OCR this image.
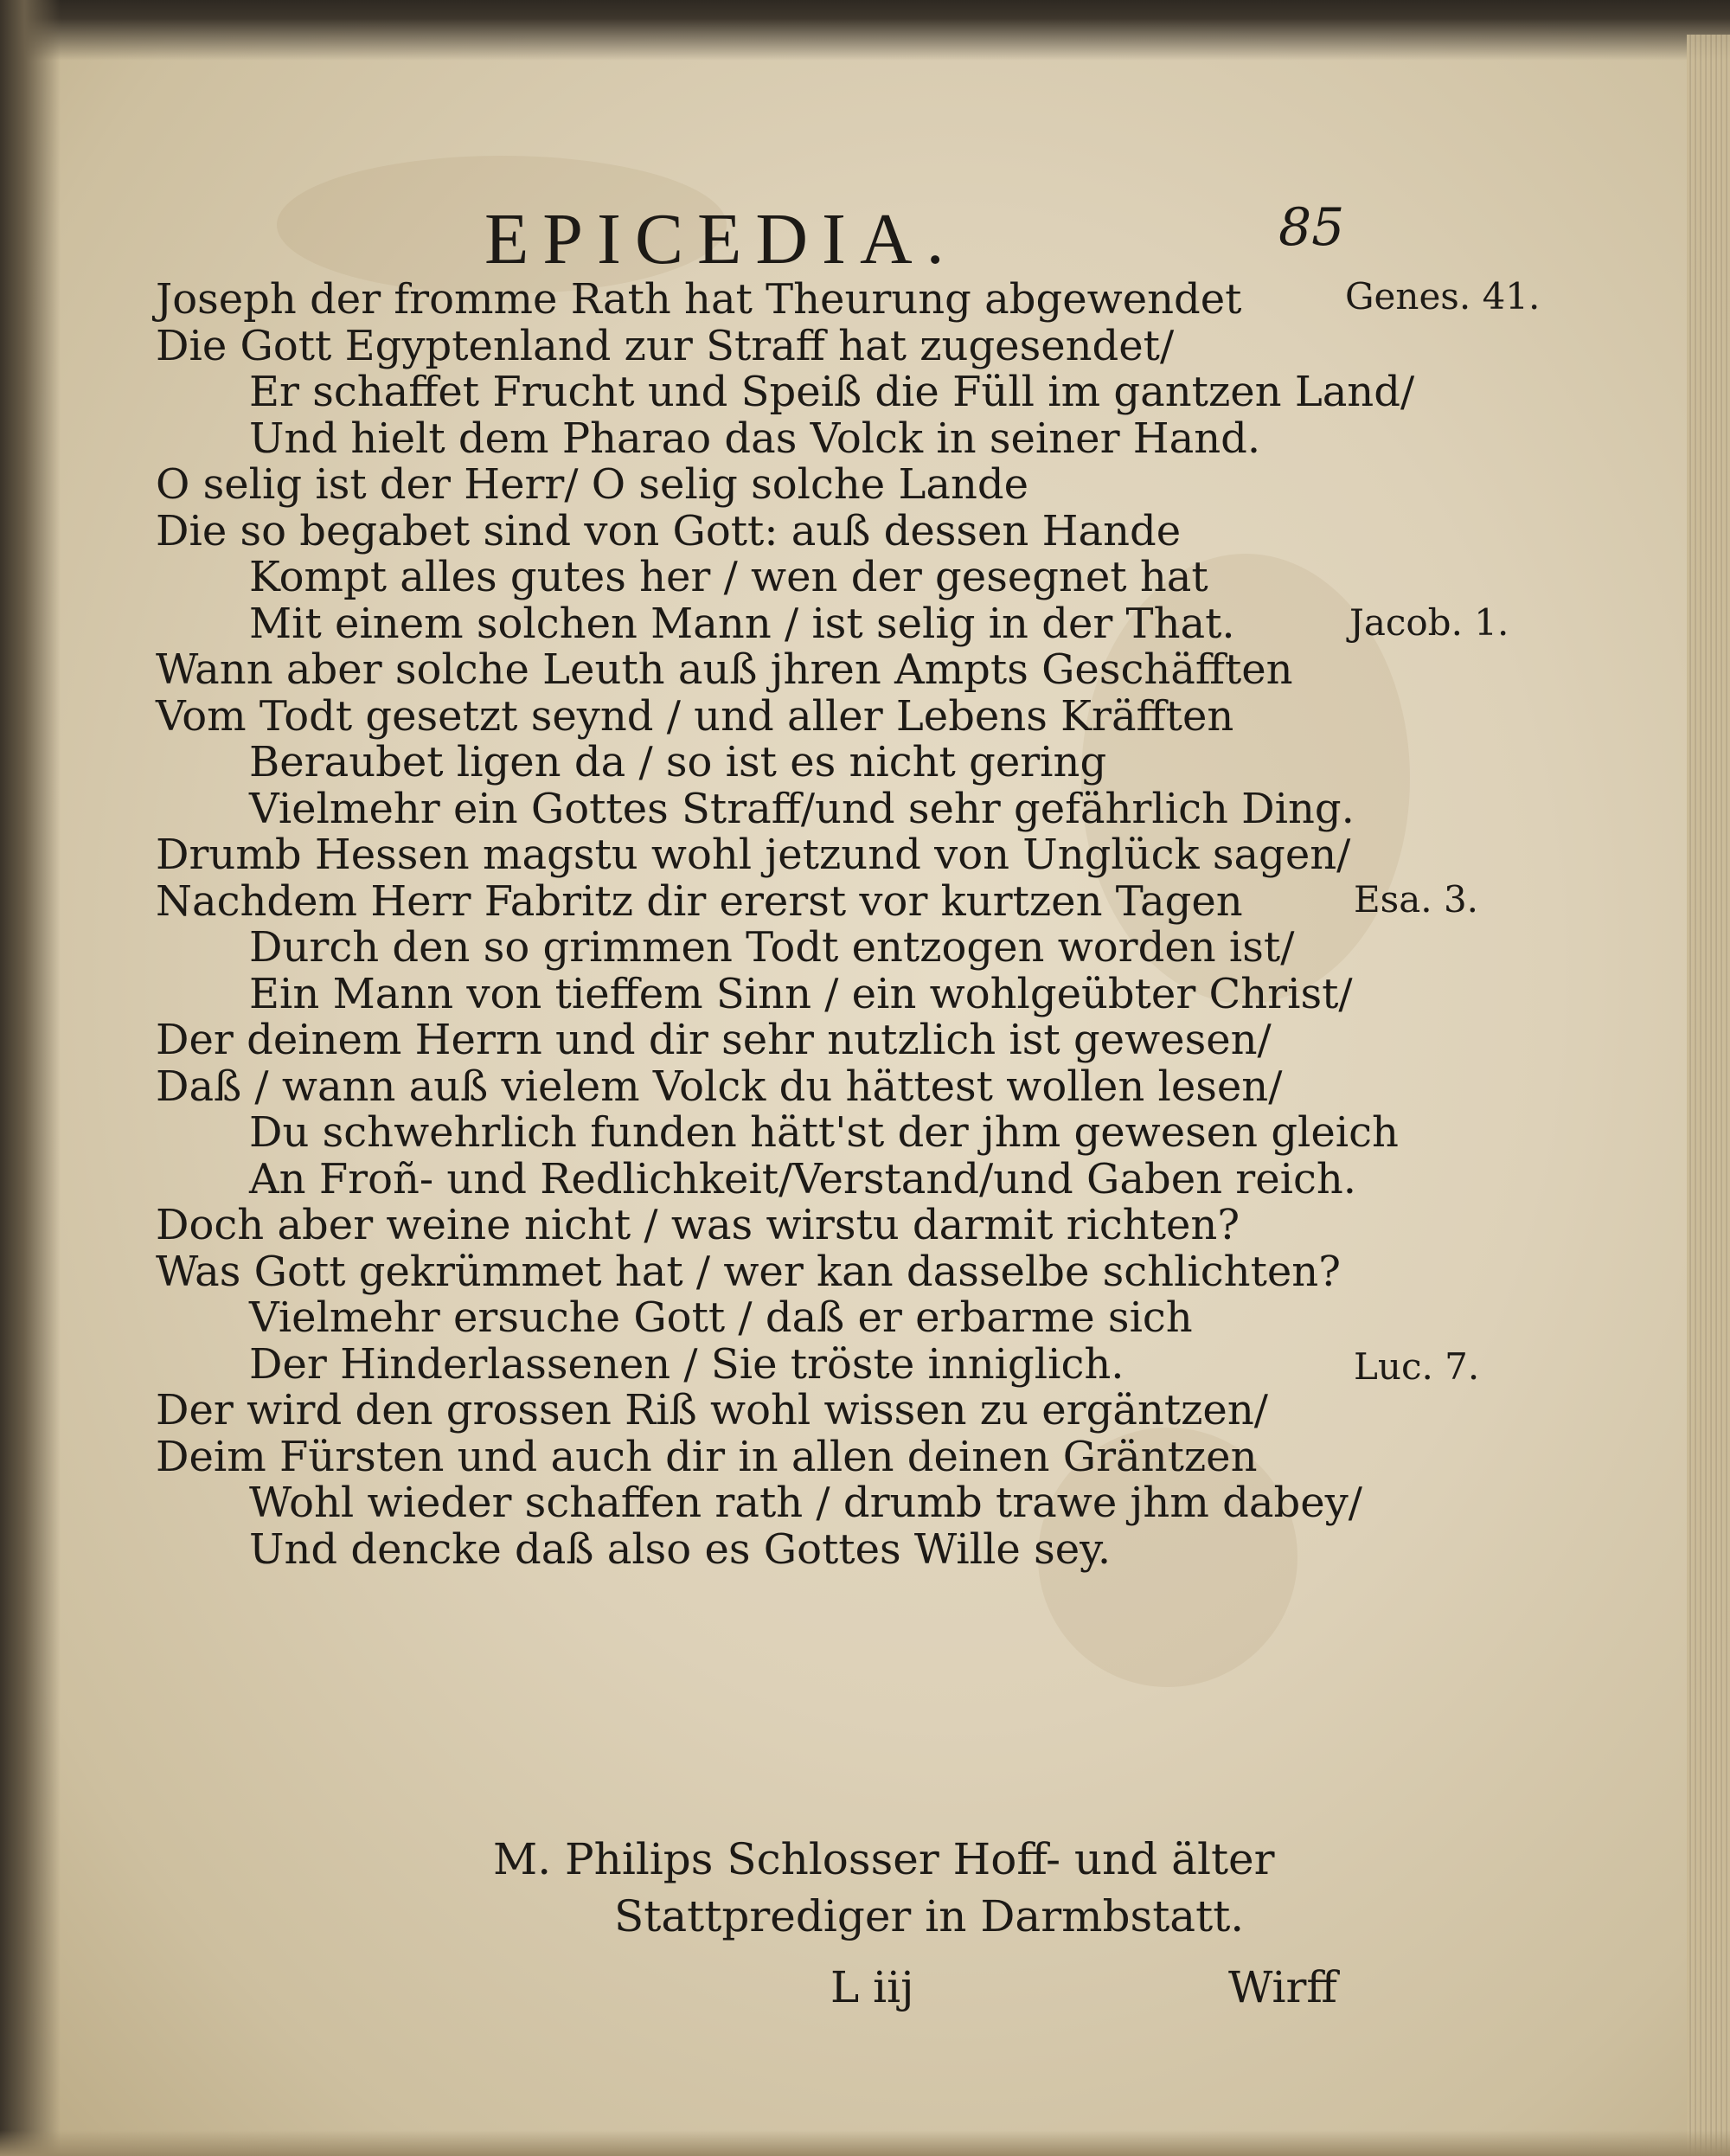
EPICEDIA.	85
Joseph der fromme Rath hat Theurung abgewendet
Die Gott Egyptenland zur Straff hat zugesendet/
Er schaffet Frucht und Speiß die Füll im gantzen Land/
Und hielt dem Pharao das Volck in seiner Hand.
O selig ist der Herr/ O selig solche Lande
Die so begabet sind von Gott: auß dessen Hande
Kompt alles gutes her / wen der gesegnet hat
Mit einem solchen Mann / ist selig in der That.
Wann aber solche Leuth auß jhren Ampts Geschäfften
Vom Todt gesetzt seynd / und aller Lebens Kräfften
Beraubet ligen da / so ist es nicht gering
Vielmehr ein Gottes Straff/und sehr gefährlich Ding.
Drumb Hessen magstu wohl jetzund von Unglück sagen/
Nachdem Herr Fabritz dir ererst vor kurtzen Tagen
Durch den so grimmen Todt entzogen worden ist/
Ein Mann von tieffem Sinn / ein wohlgeübter Christ/
Der deinem Herrn und dir sehr nutzlich ist gewesen/
Daß / wann auß vielem Volck du hättest wollen lesen/
Du schwehrlich funden hätt'st der jhm gewesen gleich
An Froñ- und Redlichkeit/Verstand/und Gaben reich.
Doch aber weine nicht / was wirstu darmit richten?
Was Gott gekrümmet hat / wer kan dasselbe schlichten?
Vielmehr ersuche Gott / daß er erbarme sich
Der Hinderlassenen / Sie tröste inniglich.
Der wird den grossen Riß wohl wissen zu ergäntzen/
Deim Fürsten und auch dir in allen deinen Gräntzen
Wohl wieder schaffen rath / drumb trawe jhm dabey/
Und dencke daß also es Gottes Wille sey.
Genes. 41.
Jacob. 1.
Esa. 3.
Luc. 7.
M. Philips Schlosser Hoff- und älter
Stattprediger in Darmbstatt.
L iij	Wirff
